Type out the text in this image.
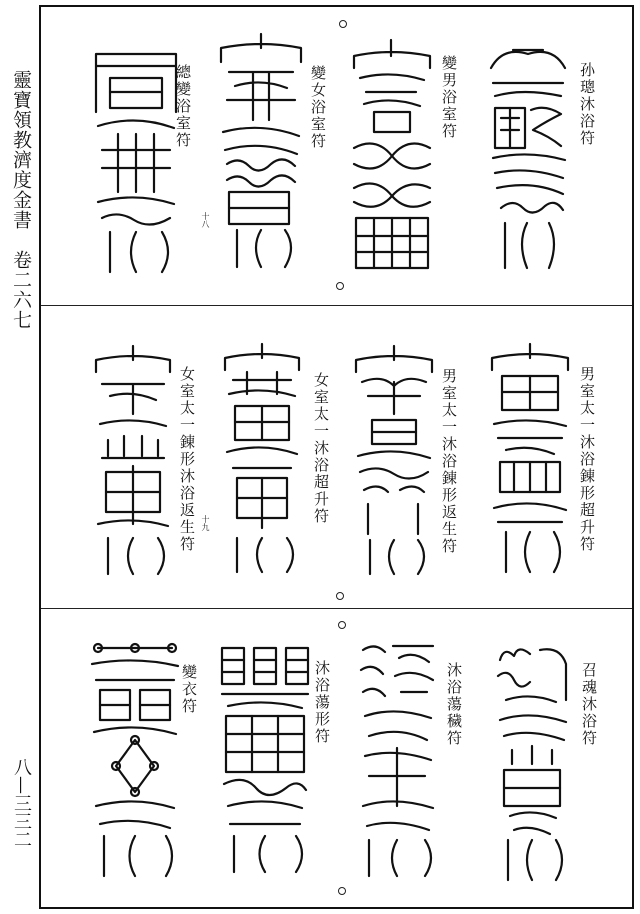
靈寶領教濟度金書　卷二六七
八—三三二
孙璁沐浴符
變男浴室符
變女浴室符
總變浴室符
十八
男室太一沐浴錬形超升符
男室太一沐浴錬形返生符
女室太一沐浴超升符
女室太一錬形沐浴返生符 十九
召魂沐浴符
沐浴蕩穢符
沐浴蕩形符
變衣符
